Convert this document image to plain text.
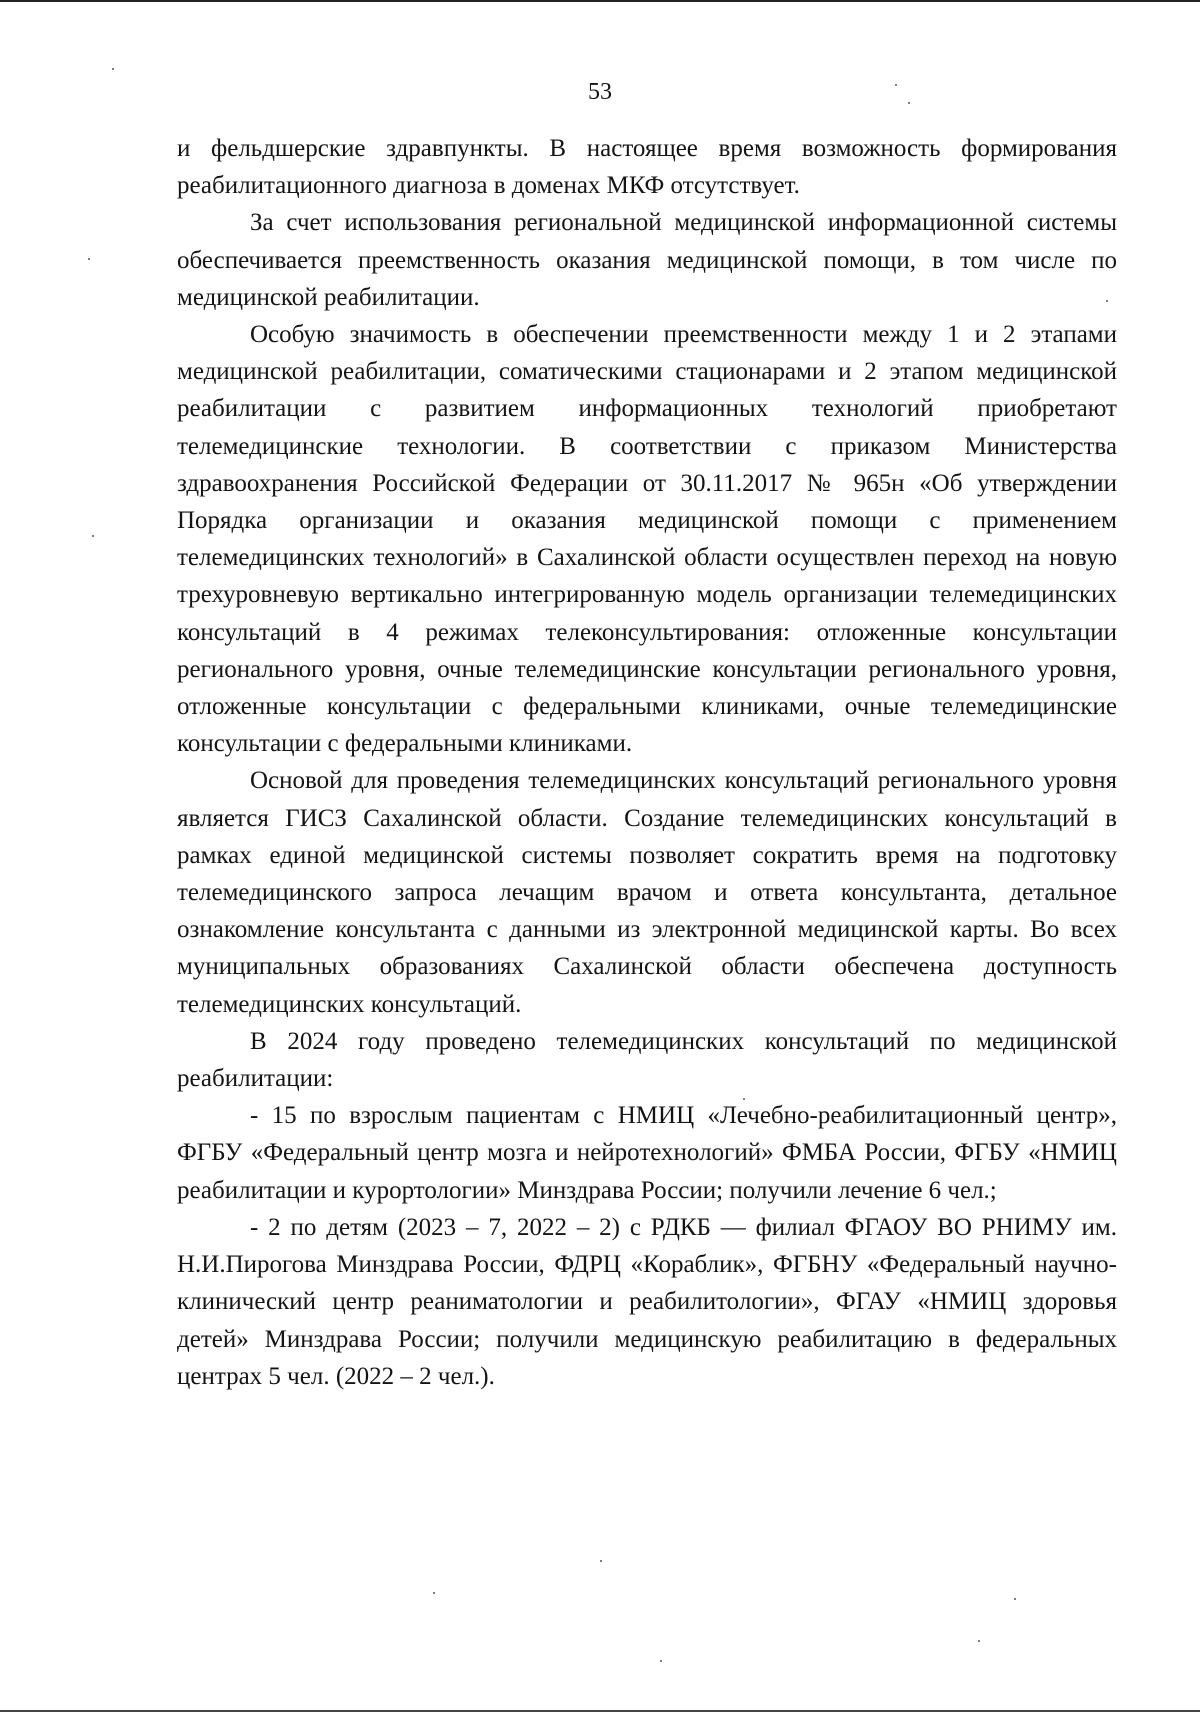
53

и фельдшерские здравпункты. В настоящее время возможность формирования реабилитационного диагноза в доменах МКФ отсутствует.

За счет использования региональной медицинской информационной системы обеспечивается преемственность оказания медицинской помощи, в том числе по медицинской реабилитации.

Особую значимость в обеспечении преемственности между 1 и 2 этапами медицинской реабилитации, соматическими стационарами и 2 этапом медицинской реабилитации с развитием информационных технологий приобретают телемедицинские технологии. В соответствии с приказом Министерства здравоохранения Российской Федерации от 30.11.2017 № 965н «Об утверждении Порядка организации и оказания медицинской помощи с применением телемедицинских технологий» в Сахалинской области осуществлен переход на новую трехуровневую вертикально интегрированную модель организации телемедицинских консультаций в 4 режимах телеконсультирования: отложенные консультации регионального уровня, очные телемедицинские консультации регионального уровня, отложенные консультации с федеральными клиниками, очные телемедицинские консультации с федеральными клиниками.

Основой для проведения телемедицинских консультаций регионального уровня является ГИСЗ Сахалинской области. Создание телемедицинских консультаций в рамках единой медицинской системы позволяет сократить время на подготовку телемедицинского запроса лечащим врачом и ответа консультанта, детальное ознакомление консультанта с данными из электронной медицинской карты. Во всех муниципальных образованиях Сахалинской области обеспечена доступность телемедицинских консультаций.

В 2024 году проведено телемедицинских консультаций по медицинской реабилитации:

- 15 по взрослым пациентам с НМИЦ «Лечебно-реабилитационный центр», ФГБУ «Федеральный центр мозга и нейротехнологий» ФМБА России, ФГБУ «НМИЦ реабилитации и курортологии» Минздрава России; получили лечение 6 чел.;

- 2 по детям (2023 – 7, 2022 – 2) с РДКБ — филиал ФГАОУ ВО РНИМУ им. Н.И.Пирогова Минздрава России, ФДРЦ «Кораблик», ФГБНУ «Федеральный научно-клинический центр реаниматологии и реабилитологии», ФГАУ «НМИЦ здоровья детей» Минздрава России; получили медицинскую реабилитацию в федеральных центрах 5 чел. (2022 – 2 чел.).
